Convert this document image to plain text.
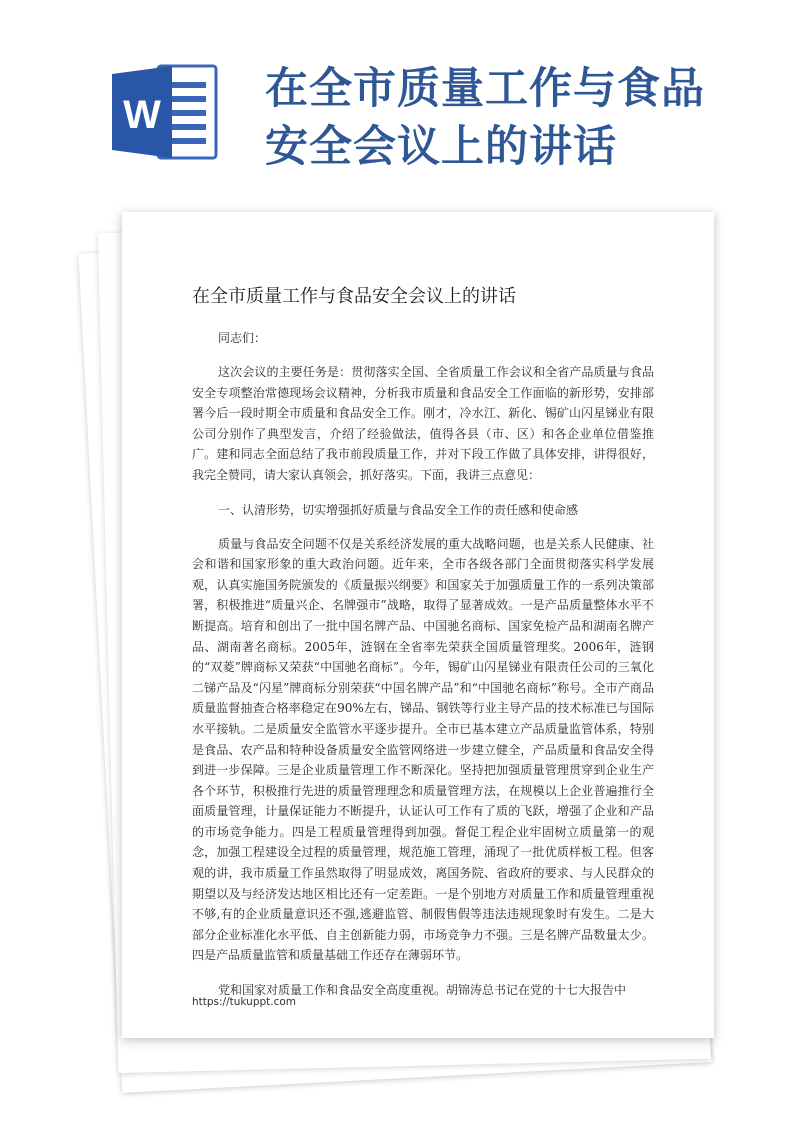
W
在全市质量工作与食品安全会议上的讲话
在全市质量工作与食品安全会议上的讲话
同志们：

这次会议的主要任务是：贯彻落实全国、全省质量工作会议和全省产品质量与食品安全专项整治常德现场会议精神，分析我市质量和食品安全工作面临的新形势，安排部署今后一段时期全市质量和食品安全工作。刚才，冷水江、新化、锡矿山闪星锑业有限公司分别作了典型发言，介绍了经验做法，值得各县（市、区）和各企业单位借鉴推广。建和同志全面总结了我市前段质量工作，并对下段工作做了具体安排，讲得很好，我完全赞同，请大家认真领会，抓好落实。下面，我讲三点意见：

一、认清形势，切实增强抓好质量与食品安全工作的责任感和使命感

质量与食品安全问题不仅是关系经济发展的重大战略问题，也是关系人民健康、社会和谐和国家形象的重大政治问题。近年来，全市各级各部门全面贯彻落实科学发展观，认真实施国务院颁发的《质量振兴纲要》和国家关于加强质量工作的一系列决策部署，积极推进“质量兴企、名牌强市”战略，取得了显著成效。一是产品质量整体水平不断提高。培育和创出了一批中国名牌产品、中国驰名商标、国家免检产品和湖南名牌产品、湖南著名商标。2005年，涟钢在全省率先荣获全国质量管理奖。2006年，涟钢的“双菱”牌商标又荣获“中国驰名商标”。今年，锡矿山闪星锑业有限责任公司的三氧化二锑产品及“闪星”牌商标分别荣获“中国名牌产品”和“中国驰名商标”称号。全市产商品质量监督抽查合格率稳定在90%左右，锑品、钢铁等行业主导产品的技术标准已与国际水平接轨。二是质量安全监管水平逐步提升。全市已基本建立产品质量监管体系，特别是食品、农产品和特种设备质量安全监管网络进一步建立健全，产品质量和食品安全得到进一步保障。三是企业质量管理工作不断深化。坚持把加强质量管理贯穿到企业生产各个环节，积极推行先进的质量管理理念和质量管理方法，在规模以上企业普遍推行全面质量管理，计量保证能力不断提升，认证认可工作有了质的飞跃，增强了企业和产品的市场竞争能力。四是工程质量管理得到加强。督促工程企业牢固树立质量第一的观念，加强工程建设全过程的质量管理，规范施工管理，涌现了一批优质样板工程。但客观的讲，我市质量工作虽然取得了明显成效，离国务院、省政府的要求、与人民群众的期望以及与经济发达地区相比还有一定差距。一是个别地方对质量工作和质量管理重视不够,有的企业质量意识还不强,逃避监管、制假售假等违法违规现象时有发生。二是大部分企业标准化水平低、自主创新能力弱，市场竞争力不强。三是名牌产品数量太少。四是产品质量监管和质量基础工作还存在薄弱环节。

党和国家对质量工作和食品安全高度重视。胡锦涛总书记在党的十七大报告中

https://tukuppt.com
